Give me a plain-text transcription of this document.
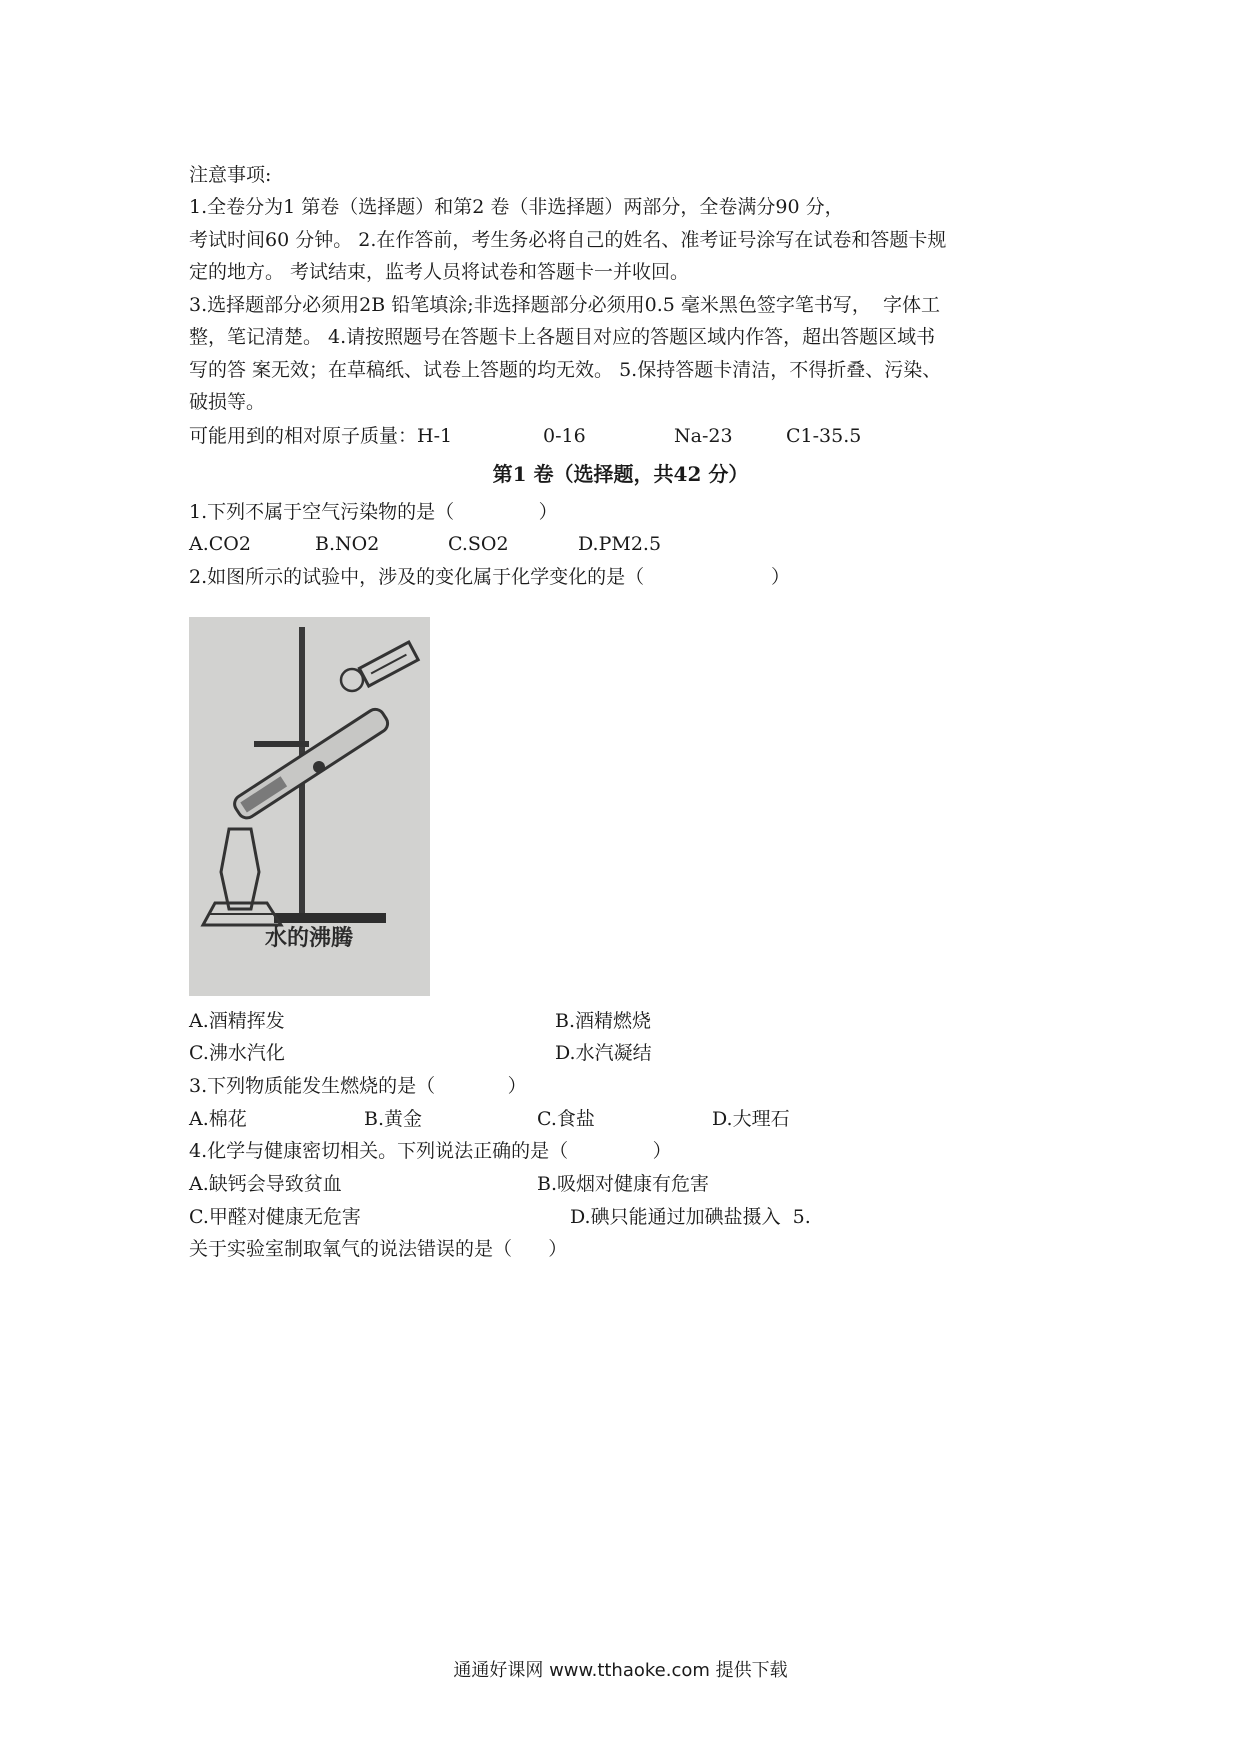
注意事项:
1.全卷分为1 第卷（选择题）和第2 卷（非选择题）两部分，全卷满分90 分，
考试时间60 分钟。 2.在作答前，考生务必将自己的姓名、准考证号涂写在试卷和答题卡规
定的地方。 考试结束，监考人员将试卷和答题卡一并收回。
3.选择题部分必须用2B 铅笔填涂;非选择题部分必须用0.5 毫米黑色签字笔书写，  字体工
整，笔记清楚。 4.请按照题号在答题卡上各题目对应的答题区域内作答，超出答题区域书
写的答 案无效；在草稿纸、试卷上答题的均无效。 5.保持答题卡清洁，不得折叠、污染、
破损等。
可能用到的相对原子质量：H-1	0-16	Na-23	C1-35.5
第1 卷（选择题，共42 分）
1.下列不属于空气污染物的是（              ）
A.CO2	B.NO2	C.SO2	D.PM2.5
2.如图所示的试验中，涉及的变化属于化学变化的是（                     ）
水的沸腾
A.酒精挥发	B.酒精燃烧
C.沸水汽化	D.水汽凝结
3.下列物质能发生燃烧的是（            ）
A.棉花	B.黄金	C.食盐	D.大理石
4.化学与健康密切相关。下列说法正确的是（              ）
A.缺钙会导致贫血	B.吸烟对健康有危害
C.甲醛对健康无危害	D.碘只能通过加碘盐摄入  5.
关于实验室制取氧气的说法错误的是（      ）
通通好课网 www.tthaoke.com 提供下载
